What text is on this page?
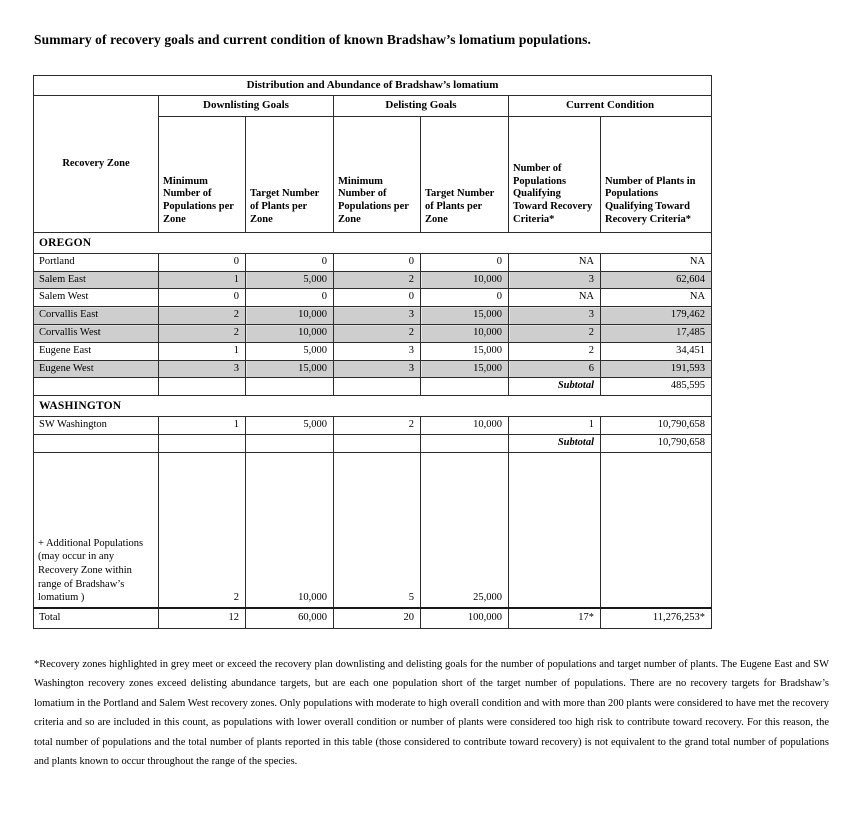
Summary of recovery goals and current condition of known Bradshaw’s lomatium populations.
Distribution and Abundance of Bradshaw’s lomatium						
Recovery Zone	Downlisting Goals		Delisting Goals		Current Condition	
	Minimum Number of Populations per Zone	Target Number of Plants per Zone	Minimum Number of Populations per Zone	Target Number of Plants per Zone	Number of Populations Qualifying Toward Recovery Criteria*	Number of Plants in Populations Qualifying Toward Recovery Criteria*
OREGON						
Portland	0	0	0	0	NA	NA
Salem East	1	5,000	2	10,000	3	62,604
Salem West	0	0	0	0	NA	NA
Corvallis East	2	10,000	3	15,000	3	179,462
Corvallis West	2	10,000	2	10,000	2	17,485
Eugene East	1	5,000	3	15,000	2	34,451
Eugene West	3	15,000	3	15,000	6	191,593
					Subtotal	485,595
WASHINGTON						
SW Washington	1	5,000	2	10,000	1	10,790,658
					Subtotal	10,790,658

+ Additional Populations (may occur in any Recovery Zone within range of Bradshaw’s lomatium )	2	10,000	5	25,000		
Total	12	60,000	20	100,000	17*	11,276,253*
*Recovery zones highlighted in grey meet or exceed the recovery plan downlisting and delisting goals for the number of populations and target number of plants. The Eugene East and SW Washington recovery zones exceed delisting abundance targets, but are each one population short of the target number of populations. There are no recovery targets for Bradshaw’s lomatium in the Portland and Salem West recovery zones. Only populations with moderate to high overall condition and with more than 200 plants were considered to have met the recovery criteria and so are included in this count, as populations with lower overall condition or number of plants were considered too high risk to contribute toward recovery. For this reason, the total number of populations and the total number of plants reported in this table (those considered to contribute toward recovery) is not equivalent to the grand total number of populations and plants known to occur throughout the range of the species.
